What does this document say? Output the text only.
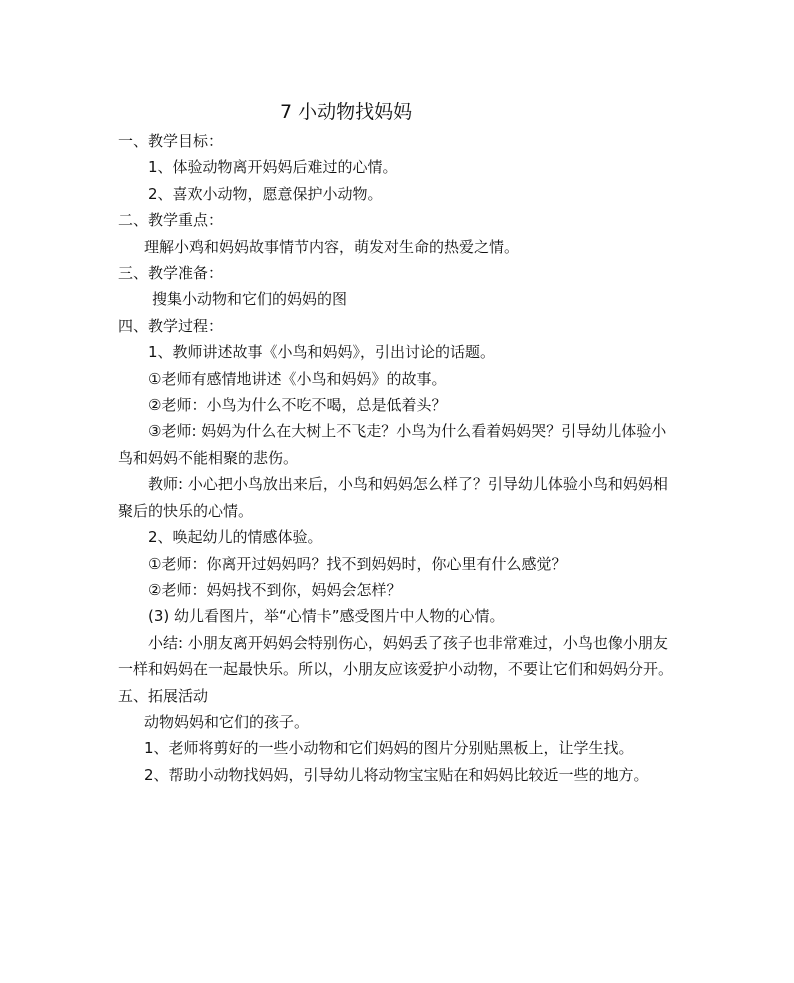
7 小动物找妈妈
一、教学目标：
1、体验动物离开妈妈后难过的心情。
2、喜欢小动物，愿意保护小动物。
二、教学重点：
理解小鸡和妈妈故事情节内容，萌发对生命的热爱之情。
三、教学准备：
搜集小动物和它们的妈妈的图
四、教学过程：
1、教师讲述故事《小鸟和妈妈》，引出讨论的话题。
①老师有感情地讲述《小鸟和妈妈》的故事。
②老师：小鸟为什么不吃不喝，总是低着头？
③老师: 妈妈为什么在大树上不飞走？小鸟为什么看着妈妈哭？引导幼儿体验小鸟和妈妈不能相聚的悲伤。
教师: 小心把小鸟放出来后，小鸟和妈妈怎么样了？引导幼儿体验小鸟和妈妈相聚后的快乐的心情。
2、唤起幼儿的情感体验。
①老师：你离开过妈妈吗？找不到妈妈时，你心里有什么感觉？
②老师：妈妈找不到你，妈妈会怎样？
(3) 幼儿看图片，举“心情卡”感受图片中人物的心情。
小结: 小朋友离开妈妈会特别伤心，妈妈丢了孩子也非常难过，小鸟也像小朋友一样和妈妈在一起最快乐。所以，小朋友应该爱护小动物，不要让它们和妈妈分开。
五、拓展活动
动物妈妈和它们的孩子。
1、老师将剪好的一些小动物和它们妈妈的图片分别贴黑板上，让学生找。
2、帮助小动物找妈妈，引导幼儿将动物宝宝贴在和妈妈比较近一些的地方。
